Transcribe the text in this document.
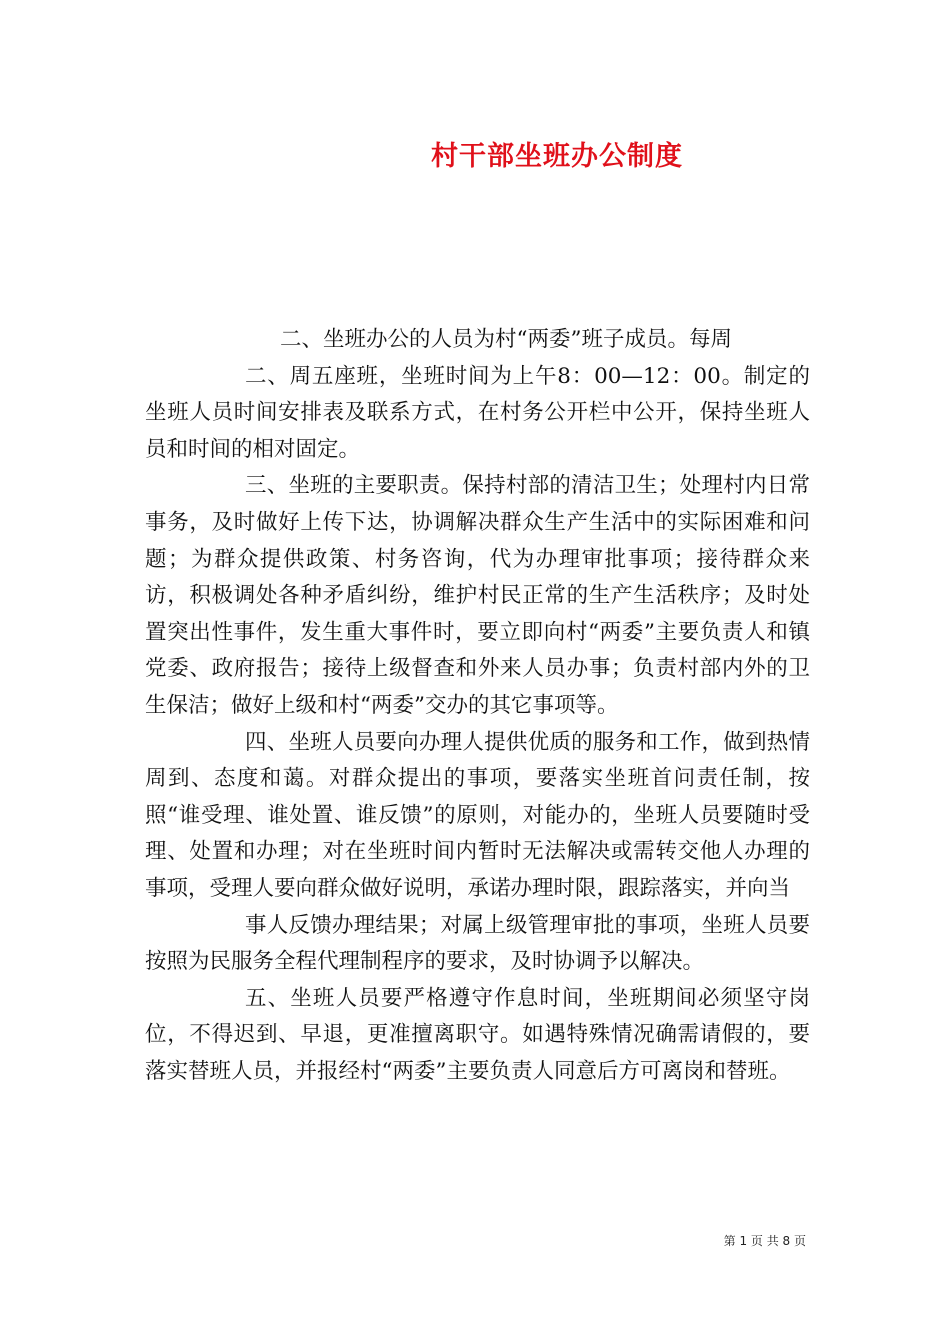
村干部坐班办公制度

二、坐班办公的人员为村“两委”班子成员。每周

二、周五座班，坐班时间为上午8：00—12：00。制定的坐班人员时间安排表及联系方式，在村务公开栏中公开，保持坐班人员和时间的相对固定。

三、坐班的主要职责。保持村部的清洁卫生；处理村内日常事务，及时做好上传下达，协调解决群众生产生活中的实际困难和问题；为群众提供政策、村务咨询，代为办理审批事项；接待群众来访，积极调处各种矛盾纠纷，维护村民正常的生产生活秩序；及时处置突出性事件，发生重大事件时，要立即向村“两委”主要负责人和镇党委、政府报告；接待上级督查和外来人员办事；负责村部内外的卫生保洁；做好上级和村“两委”交办的其它事项等。

四、坐班人员要向办理人提供优质的服务和工作，做到热情周到、态度和蔼。对群众提出的事项，要落实坐班首问责任制，按照“谁受理、谁处置、谁反馈”的原则，对能办的，坐班人员要随时受理、处置和办理；对在坐班时间内暂时无法解决或需转交他人办理的事项，受理人要向群众做好说明，承诺办理时限，跟踪落实，并向当

事人反馈办理结果；对属上级管理审批的事项，坐班人员要按照为民服务全程代理制程序的要求，及时协调予以解决。

五、坐班人员要严格遵守作息时间，坐班期间必须坚守岗位，不得迟到、早退，更准擅离职守。如遇特殊情况确需请假的，要落实替班人员，并报经村“两委”主要负责人同意后方可离岗和替班。

第 1 页 共 8 页
